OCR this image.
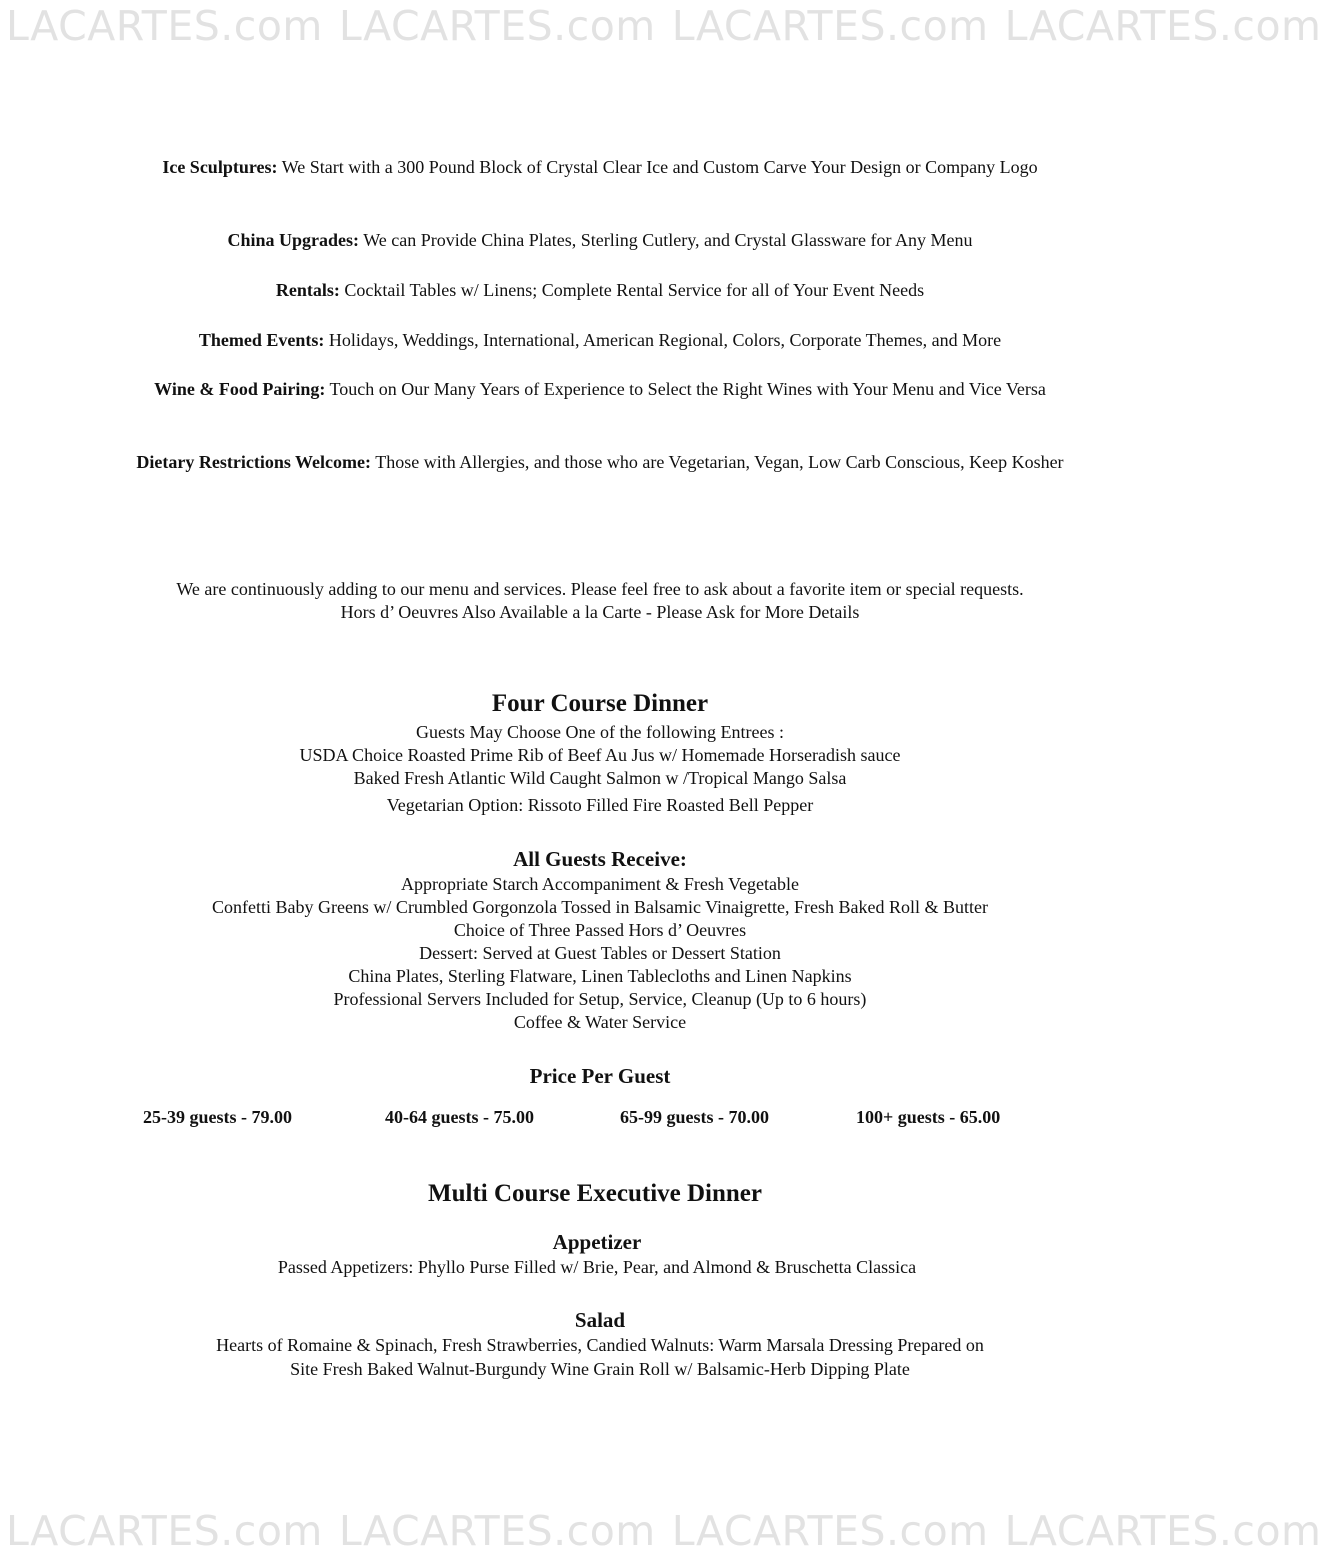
LACARTES.com LACARTES.com LACARTES.com LACARTES.com
LACARTES.com LACARTES.com LACARTES.com LACARTES.com
Ice Sculptures: We Start with a 300 Pound Block of Crystal Clear Ice and Custom Carve Your Design or Company Logo
China Upgrades: We can Provide China Plates, Sterling Cutlery, and Crystal Glassware for Any Menu
Rentals: Cocktail Tables w/ Linens; Complete Rental Service for all of Your Event Needs
Themed Events: Holidays, Weddings, International, American Regional, Colors, Corporate Themes, and More
Wine & Food Pairing: Touch on Our Many Years of Experience to Select the Right Wines with Your Menu and Vice Versa
Dietary Restrictions Welcome: Those with Allergies, and those who are Vegetarian, Vegan, Low Carb Conscious, Keep Kosher
We are continuously adding to our menu and services. Please feel free to ask about a favorite item or special requests.
Hors d’ Oeuvres Also Available a la Carte - Please Ask for More Details
Four Course Dinner
Guests May Choose One of the following Entrees :
USDA Choice Roasted Prime Rib of Beef Au Jus w/ Homemade Horseradish sauce
Baked Fresh Atlantic Wild Caught Salmon w /Tropical Mango Salsa
Vegetarian Option: Rissoto Filled Fire Roasted Bell Pepper
All Guests Receive:
Appropriate Starch Accompaniment & Fresh Vegetable
Confetti Baby Greens w/ Crumbled Gorgonzola Tossed in Balsamic Vinaigrette, Fresh Baked Roll & Butter
Choice of Three Passed Hors d’ Oeuvres
Dessert: Served at Guest Tables or Dessert Station
China Plates, Sterling Flatware, Linen Tablecloths and Linen Napkins
Professional Servers Included for Setup, Service, Cleanup (Up to 6 hours)
Coffee & Water Service
Price Per Guest
25-39 guests - 79.00	40-64 guests - 75.00	65-99 guests - 70.00	100+ guests - 65.00
Multi Course Executive Dinner
Appetizer
Passed Appetizers: Phyllo Purse Filled w/ Brie, Pear, and Almond & Bruschetta Classica
Salad
Hearts of Romaine & Spinach, Fresh Strawberries, Candied Walnuts: Warm Marsala Dressing Prepared on
Site Fresh Baked Walnut-Burgundy Wine Grain Roll w/ Balsamic-Herb Dipping Plate
